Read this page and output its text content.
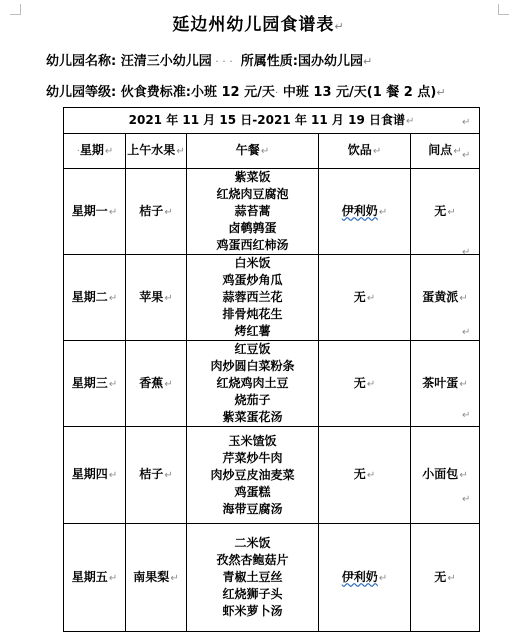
延边州幼儿园食谱表↵
幼儿园名称: 汪清三小幼儿园 · · ·  所属性质:国办幼儿园↵
幼儿园等级: 伙食费标准:小班 12 元/天· 中班 13 元/天(1 餐 2 点)↵
2021 年 11 月 15 日-2021 年 11 月 19 日食谱↵				
·星期↵	上午水果↵	午餐↵	饮品↵	间点↵
星期一↵	桔子↵	紫菜饭
红烧肉豆腐泡
蒜苔蒿
卤鹌鹑蛋
鸡蛋西红柿汤	伊利奶↵	无↵
星期二↵	苹果↵	白米饭
鸡蛋炒角瓜
蒜蓉西兰花
排骨炖花生
烤红薯	无↵	蛋黄派↵
星期三↵	香蕉↵	红豆饭
肉炒圆白菜粉条
红烧鸡肉土豆
烧茄子
紫菜蛋花汤	无↵	茶叶蛋↵
星期四↵	桔子↵	玉米馇饭
芹菜炒牛肉
肉炒豆皮油麦菜
鸡蛋糕
海带豆腐汤	无↵	小面包↵
星期五↵	南果梨↵	二米饭
孜然杏鲍菇片
青椒土豆丝
红烧狮子头
虾米萝卜汤	伊利奶↵	无↵
↵
↵
↵
↵
↵
↵
